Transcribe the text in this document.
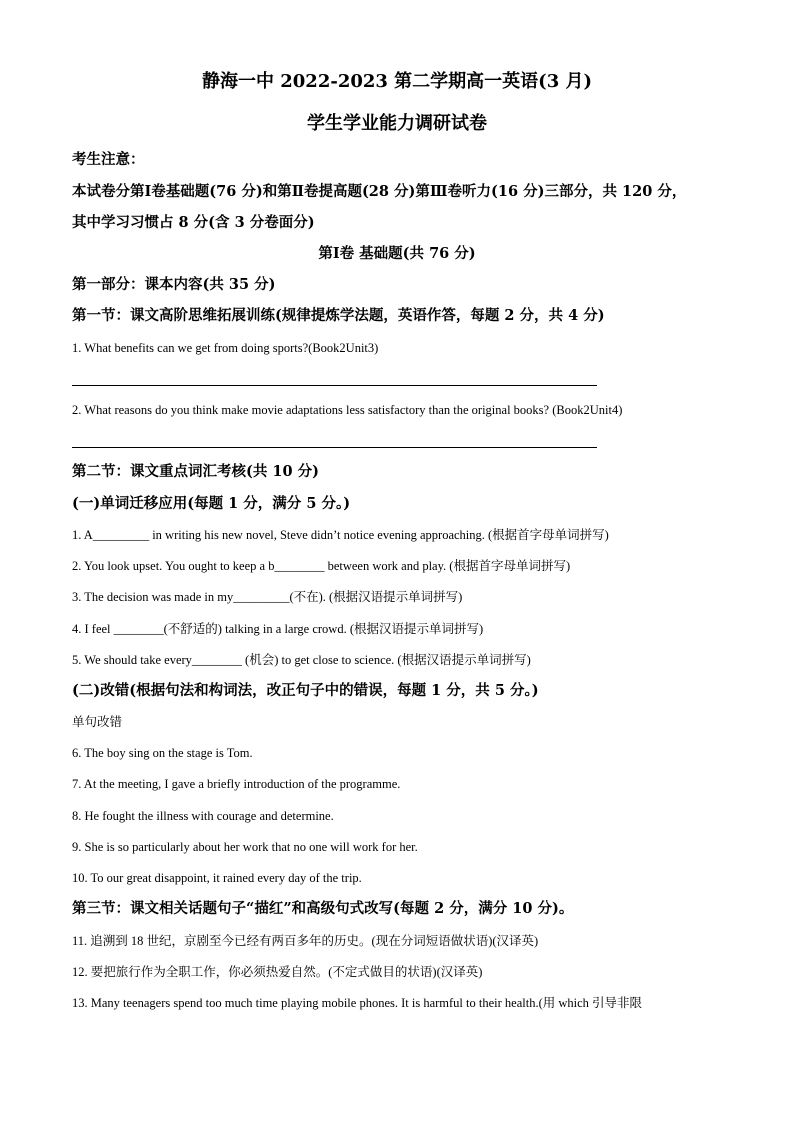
静海一中 2022-2023 第二学期高一英语(3 月)
学生学业能力调研试卷
考生注意：
本试卷分第Ⅰ卷基础题(76 分)和第Ⅱ卷提高题(28 分)第Ⅲ卷听力(16 分)三部分，共 120 分，
其中学习习惯占 8 分(含 3 分卷面分)
第Ⅰ卷 基础题(共 76 分)
第一部分：课本内容(共 35 分)
第一节：课文高阶思维拓展训练(规律提炼学法题，英语作答，每题 2 分，共 4 分)
1. What benefits can we get from doing sports?(Book2Unit3)
2. What reasons do you think make movie adaptations less satisfactory than the original books? (Book2Unit4)
第二节：课文重点词汇考核(共 10 分)
(一)单词迁移应用(每题 1 分，满分 5 分。)
1. A_________ in writing his new novel, Steve didn’t notice evening approaching. (根据首字母单词拼写)
2. You look upset. You ought to keep a b________ between work and play. (根据首字母单词拼写)
3. The decision was made in my_________(不在). (根据汉语提示单词拼写)
4. I feel ________(不舒适的) talking in a large crowd. (根据汉语提示单词拼写)
5. We should take every________ (机会) to get close to science. (根据汉语提示单词拼写)
(二)改错(根据句法和构词法，改正句子中的错误，每题 1 分，共 5 分。)
单句改错
6. The boy sing on the stage is Tom.
7. At the meeting, I gave a briefly introduction of the programme.
8. He fought the illness with courage and determine.
9. She is so particularly about her work that no one will work for her.
10. To our great disappoint, it rained every day of the trip.
第三节：课文相关话题句子“描红”和高级句式改写(每题 2 分，满分 10 分)。
11. 追溯到 18 世纪，京剧至今已经有两百多年的历史。(现在分词短语做状语)(汉译英)
12. 要把旅行作为全职工作，你必须热爱自然。(不定式做目的状语)(汉译英)
13. Many teenagers spend too much time playing mobile phones. It is harmful to their health.(用 which 引导非限
